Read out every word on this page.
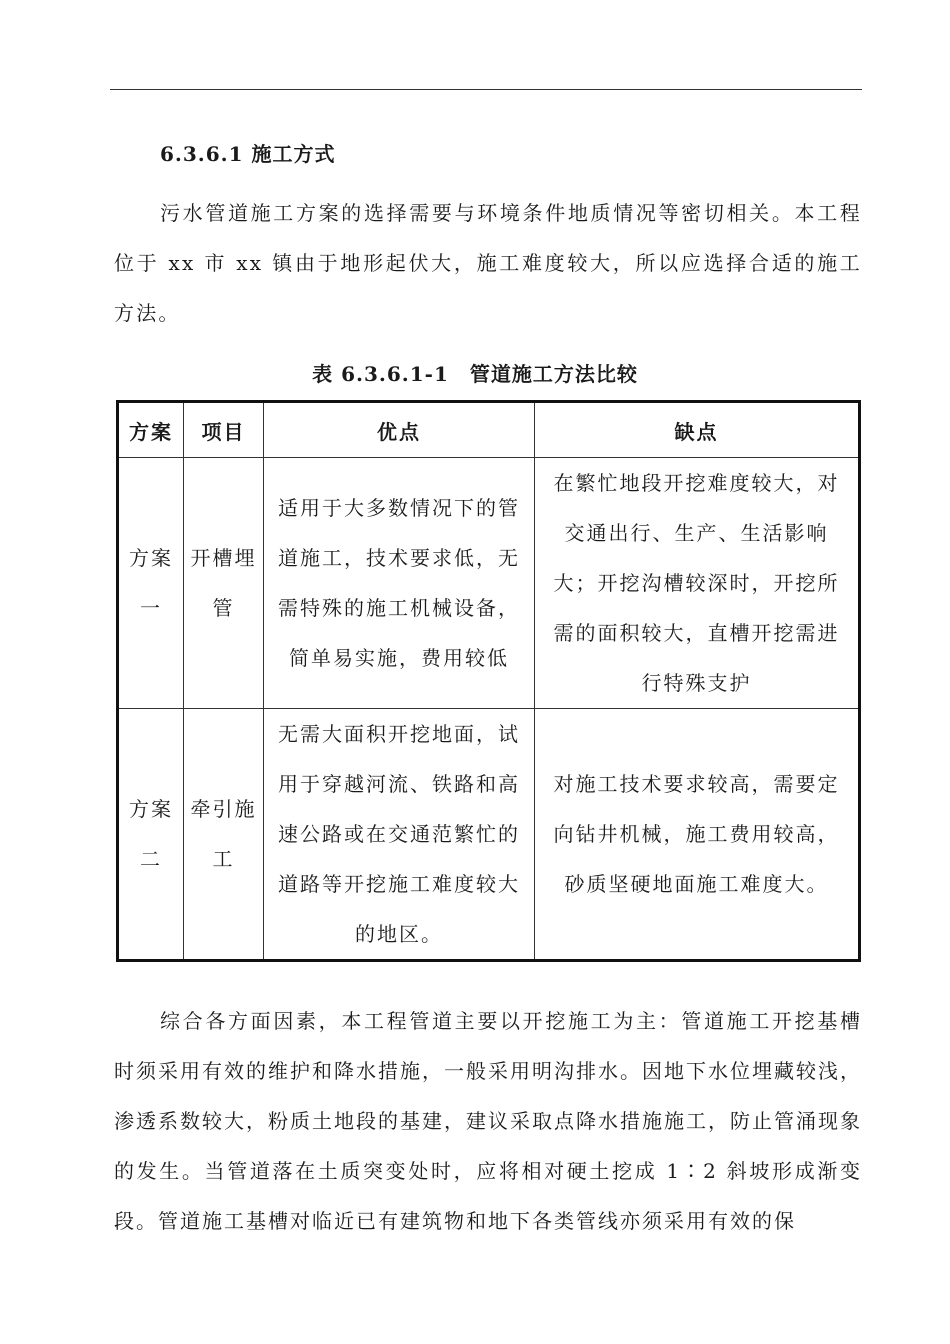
6.3.6.1 施工方式

污水管道施工方案的选择需要与环境条件地质情况等密切相关。本工程位于 xx 市 xx 镇由于地形起伏大，施工难度较大，所以应选择合适的施工方法。

表 6.3.6.1-1　管道施工方法比较
方案	项目	优点	缺点
方案一	开槽埋管	适用于大多数情况下的管道施工，技术要求低，无需特殊的施工机械设备，简单易实施，费用较低	在繁忙地段开挖难度较大，对交通出行、生产、生活影响大；开挖沟槽较深时，开挖所需的面积较大，直槽开挖需进行特殊支护
方案二	牵引施工	无需大面积开挖地面，试用于穿越河流、铁路和高速公路或在交通范繁忙的道路等开挖施工难度较大的地区。	对施工技术要求较高，需要定向钻井机械，施工费用较高，砂质坚硬地面施工难度大。

综合各方面因素，本工程管道主要以开挖施工为主：管道施工开挖基槽时须采用有效的维护和降水措施，一般采用明沟排水。因地下水位埋藏较浅，渗透系数较大，粉质土地段的基建，建议采取点降水措施施工，防止管涌现象的发生。当管道落在土质突变处时，应将相对硬土挖成 1∶2 斜坡形成渐变段。管道施工基槽对临近已有建筑物和地下各类管线亦须采用有效的保
